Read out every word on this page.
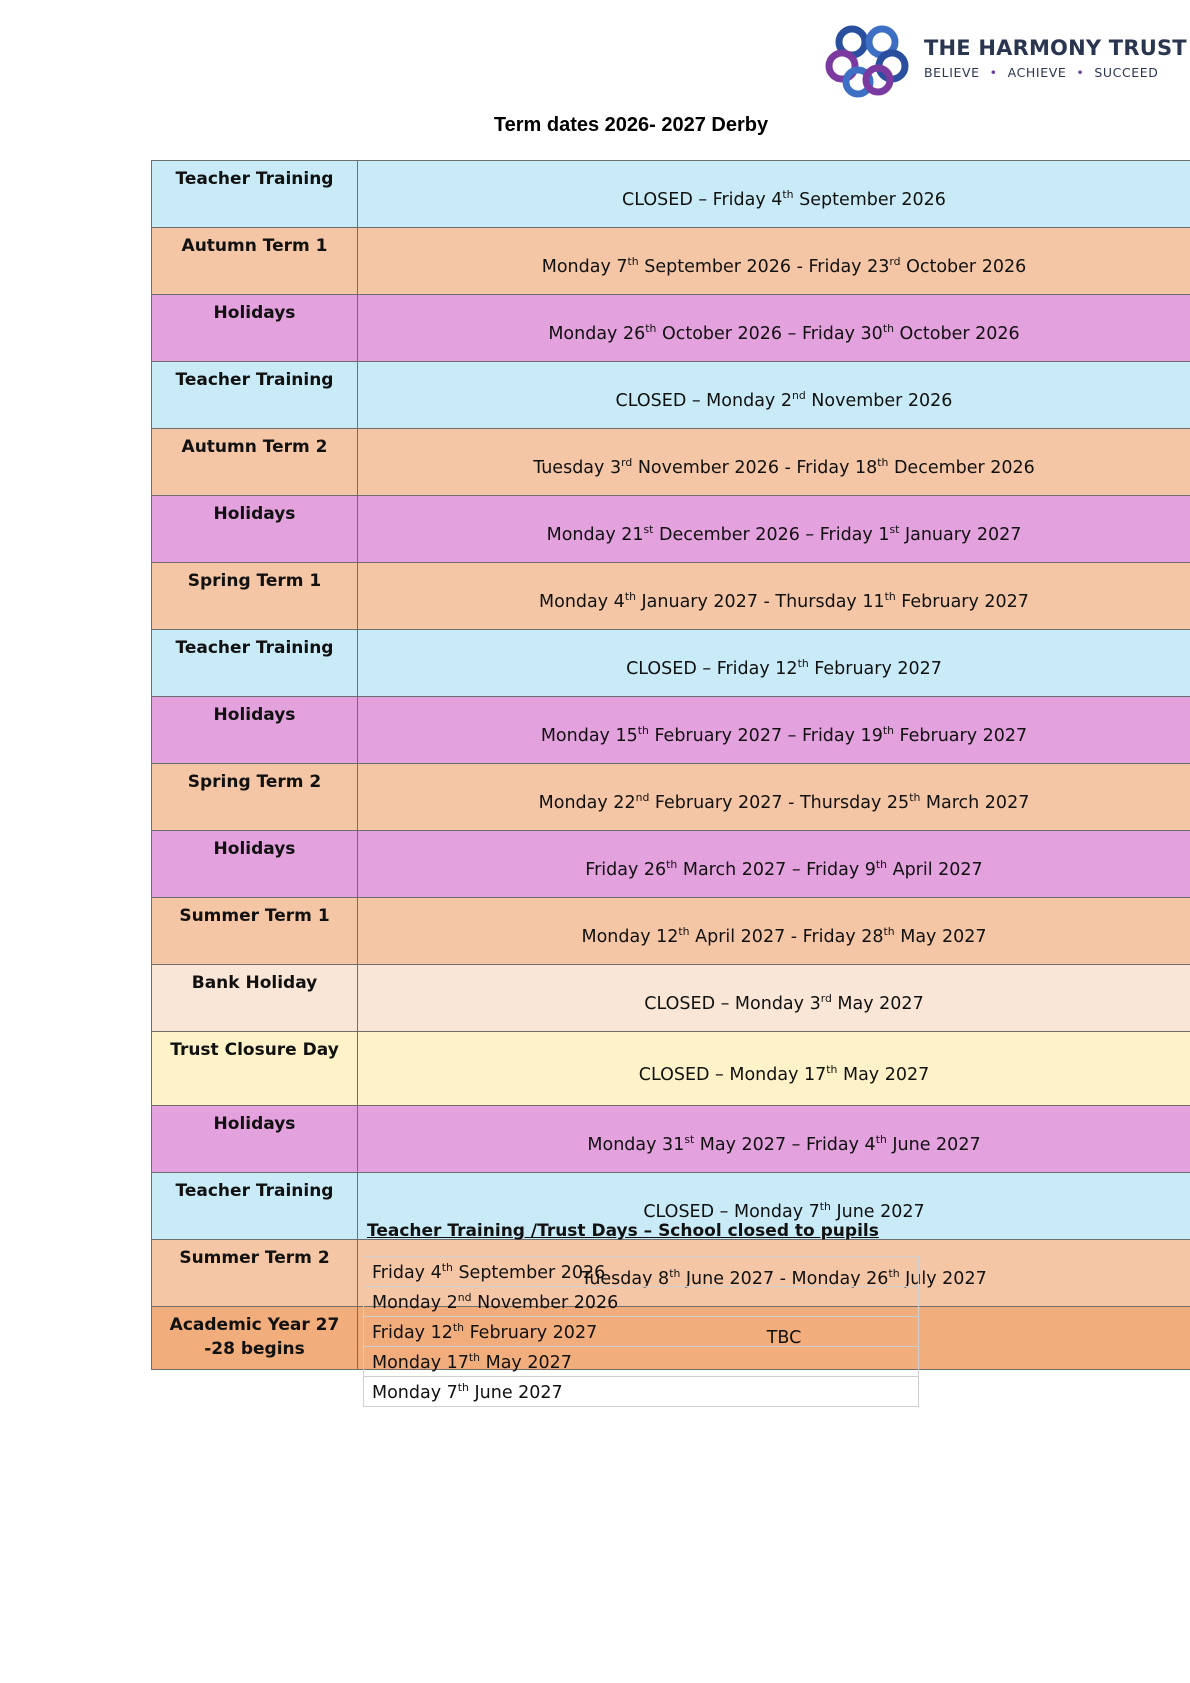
THE HARMONY TRUST
BELIEVE • ACHIEVE • SUCCEED
Term dates 2026- 2027 Derby
Teacher Training	CLOSED – Friday 4th September 2026
Autumn Term 1	Monday 7th September 2026 - Friday 23rd October 2026
Holidays	Monday 26th October 2026 – Friday 30th October 2026
Teacher Training	CLOSED – Monday 2nd November 2026
Autumn Term 2	Tuesday 3rd November 2026 - Friday 18th December 2026
Holidays	Monday 21st December 2026 – Friday 1st January 2027
Spring Term 1	Monday 4th January 2027 - Thursday 11th February 2027
Teacher Training	CLOSED – Friday 12th February 2027
Holidays	Monday 15th February 2027 – Friday 19th February 2027
Spring Term 2	Monday 22nd February 2027 - Thursday 25th March 2027
Holidays	Friday 26th March 2027 – Friday 9th April 2027
Summer Term 1	Monday 12th April 2027 - Friday 28th May 2027
Bank Holiday	CLOSED – Monday 3rd May 2027
Trust Closure Day	CLOSED – Monday 17th May 2027
Holidays	Monday 31st May 2027 – Friday 4th June 2027
Teacher Training	CLOSED – Monday 7th June 2027
Summer Term 2	Tuesday 8th June 2027 - Monday 26th July 2027
Academic Year 27 -28 begins	TBC
Teacher Training /Trust Days – School closed to pupils
Friday 4th September 2026
Monday 2nd November 2026
Friday 12th February 2027
Monday 17th May 2027
Monday 7th June 2027
